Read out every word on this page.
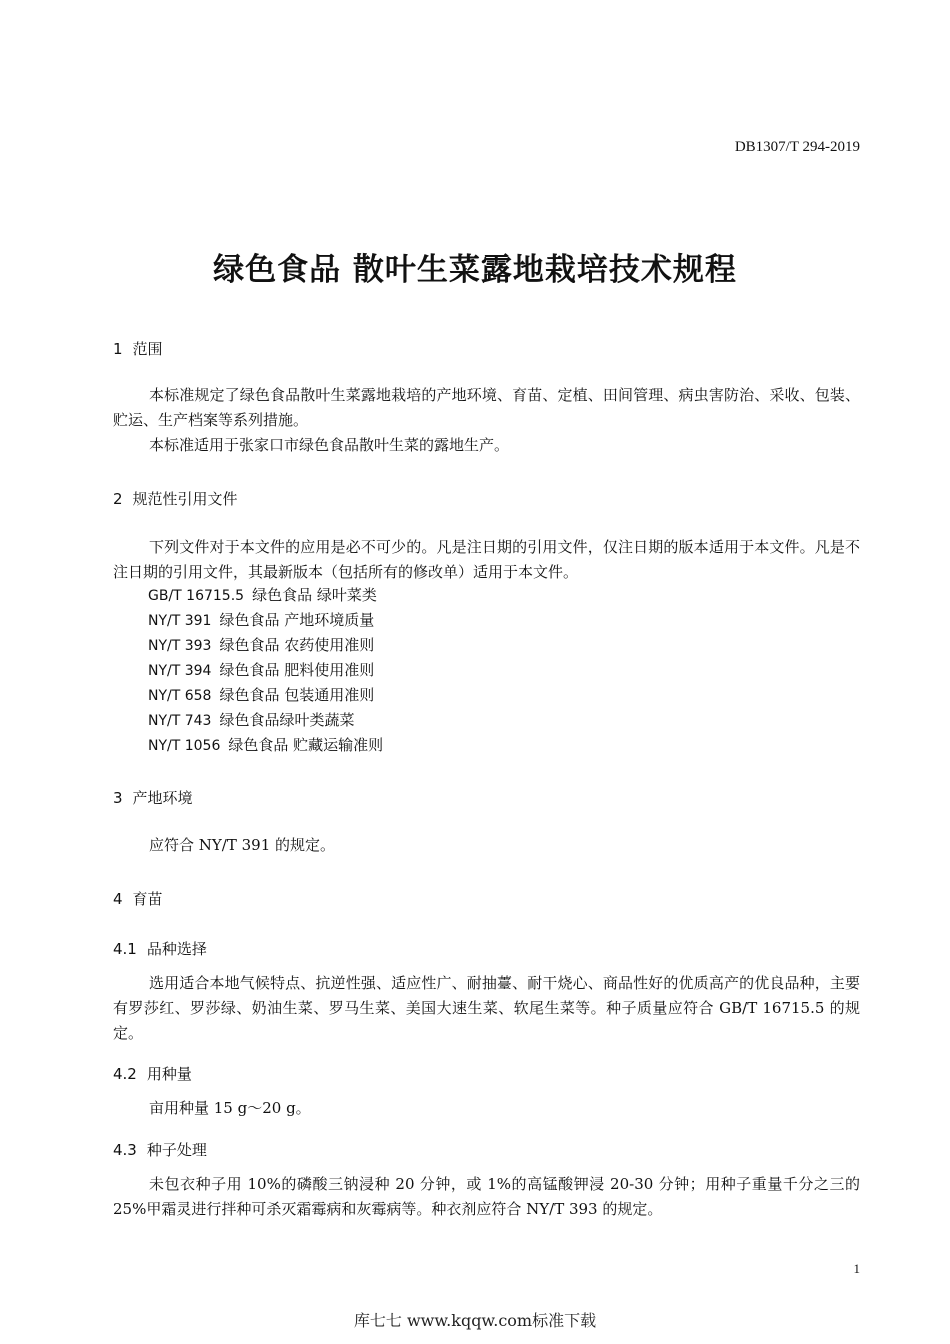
DB1307/T 294-2019
绿色食品 散叶生菜露地栽培技术规程
1 范围
本标准规定了绿色食品散叶生菜露地栽培的产地环境、育苗、定植、田间管理、病虫害防治、采收、包装、贮运、生产档案等系列措施。
本标准适用于张家口市绿色食品散叶生菜的露地生产。
2 规范性引用文件
下列文件对于本文件的应用是必不可少的。凡是注日期的引用文件，仅注日期的版本适用于本文件。凡是不注日期的引用文件，其最新版本（包括所有的修改单）适用于本文件。
GB/T 16715.5 绿色食品 绿叶菜类
NY/T 391 绿色食品 产地环境质量
NY/T 393 绿色食品 农药使用准则
NY/T 394 绿色食品 肥料使用准则
NY/T 658 绿色食品 包装通用准则
NY/T 743 绿色食品绿叶类蔬菜
NY/T 1056 绿色食品 贮藏运输准则
3 产地环境
应符合 NY/T 391 的规定。
4 育苗
4.1 品种选择
选用适合本地气候特点、抗逆性强、适应性广、耐抽薹、耐干烧心、商品性好的优质高产的优良品种，主要有罗莎红、罗莎绿、奶油生菜、罗马生菜、美国大速生菜、软尾生菜等。种子质量应符合 GB/T 16715.5 的规定。
4.2 用种量
亩用种量 15 g～20 g。
4.3 种子处理
未包衣种子用 10%的磷酸三钠浸种 20 分钟，或 1%的高锰酸钾浸 20-30 分钟；用种子重量千分之三的 25%甲霜灵进行拌种可杀灭霜霉病和灰霉病等。种衣剂应符合 NY/T 393 的规定。
1
库七七 www.kqqw.com标准下载
